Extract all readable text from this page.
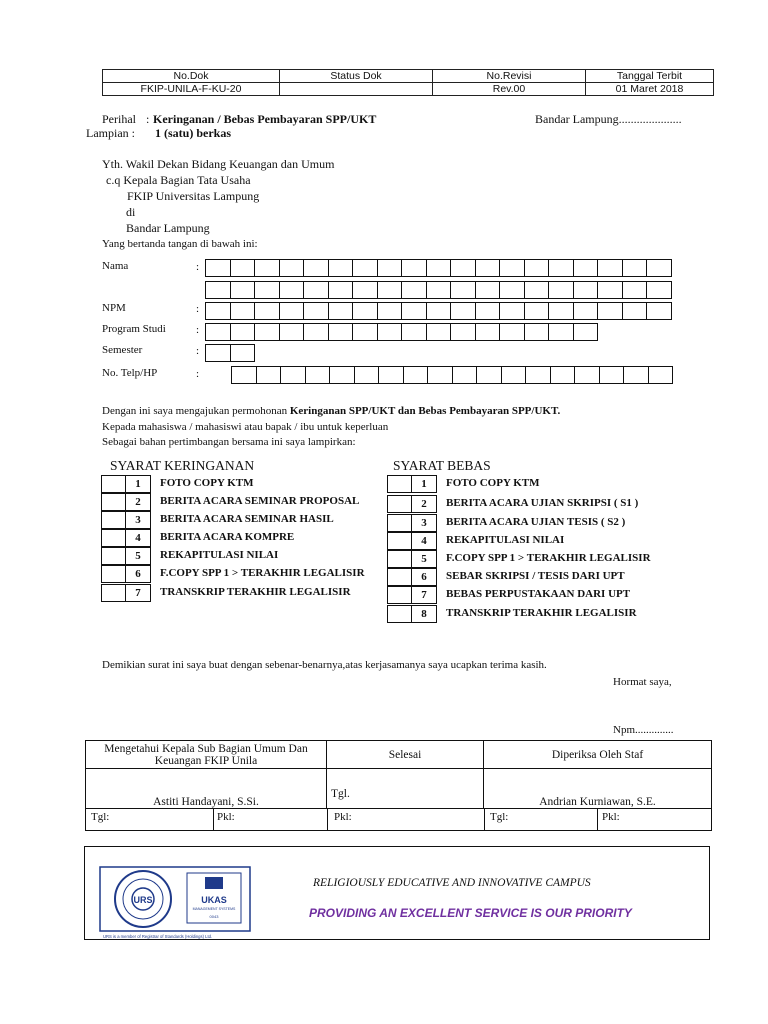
No.Dok	Status Dok	No.Revisi	Tanggal Terbit
FKIP-UNILA-F-KU-20		Rev.00	01 Maret 2018
Perihal : Keringanan / Bebas Pembayaran SPP/UKT	Bandar Lampung.....................
Lampian : 1 (satu) berkas
Yth. Wakil Dekan Bidang Keuangan dan Umum
c.q Kepala Bagian Tata Usaha
FKIP Universitas Lampung
di
Bandar Lampung
Yang bertanda tangan di bawah ini:
Nama	:
NPM	:
Program Studi	:
Semester	:
No. Telp/HP	:
Dengan ini saya mengajukan permohonan Keringanan SPP/UKT dan Bebas Pembayaran SPP/UKT.
Kepada mahasiswa / mahasiswi atau bapak / ibu untuk keperluan
Sebagai bahan pertimbangan bersama ini saya lampirkan:
SYARAT KERINGANAN	SYARAT BEBAS
1	FOTO COPY KTM
2	BERITA ACARA SEMINAR PROPOSAL
3	BERITA ACARA SEMINAR HASIL
4	BERITA ACARA KOMPRE
5	REKAPITULASI NILAI
6	F.COPY SPP 1 > TERAKHIR LEGALISIR
7	TRANSKRIP TERAKHIR LEGALISIR
1	FOTO COPY KTM
2	BERITA ACARA UJIAN SKRIPSI ( S1 )
3	BERITA ACARA UJIAN TESIS ( S2 )
4	REKAPITULASI NILAI
5	F.COPY SPP 1 > TERAKHIR LEGALISIR
6	SEBAR SKRIPSI / TESIS DARI UPT
7	BEBAS PERPUSTAKAAN DARI UPT
8	TRANSKRIP TERAKHIR LEGALISIR
Demikian surat ini saya buat dengan sebenar-benarnya,atas kerjasamanya saya ucapkan terima kasih.
Hormat saya,
Npm..............
Mengetahui Kepala Sub Bagian Umum Dan Keuangan FKIP Unila	Selesai	Diperiksa Oleh Staf
Astiti Handayani, S.Si.	Tgl.	Andrian Kurniawan, S.E.
Tgl:	Pkl:	Pkl:	Tgl:	Pkl:
URS	UKAS
MANAGEMENT SYSTEMS
0043
URS is a member of Registrar of Standards (Holdings) Ltd.
RELIGIOUSLY EDUCATIVE AND INNOVATIVE CAMPUS
PROVIDING AN EXCELLENT SERVICE IS OUR PRIORITY
